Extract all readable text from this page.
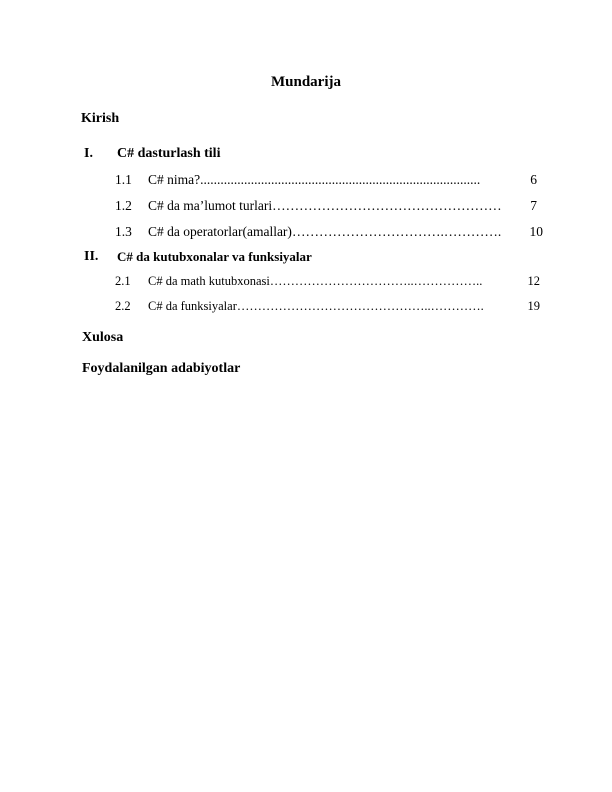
Mundarija
Kirish
I. C# dasturlash tili
1.1 C# nima? ...................................................................................	6
1.2 C# da ma’lumot turlari ……………………………………………	7
1.3 C# da operatorlar(amallar) …………………………….………….	10
II. C# da kutubxonalar va funksiyalar
2.1 C# da math kutubxonasi ……………………………..……………..	12
2.2 C# da funksiyalar ………………………………………..………….	19
Xulosa
Foydalanilgan adabiyotlar
